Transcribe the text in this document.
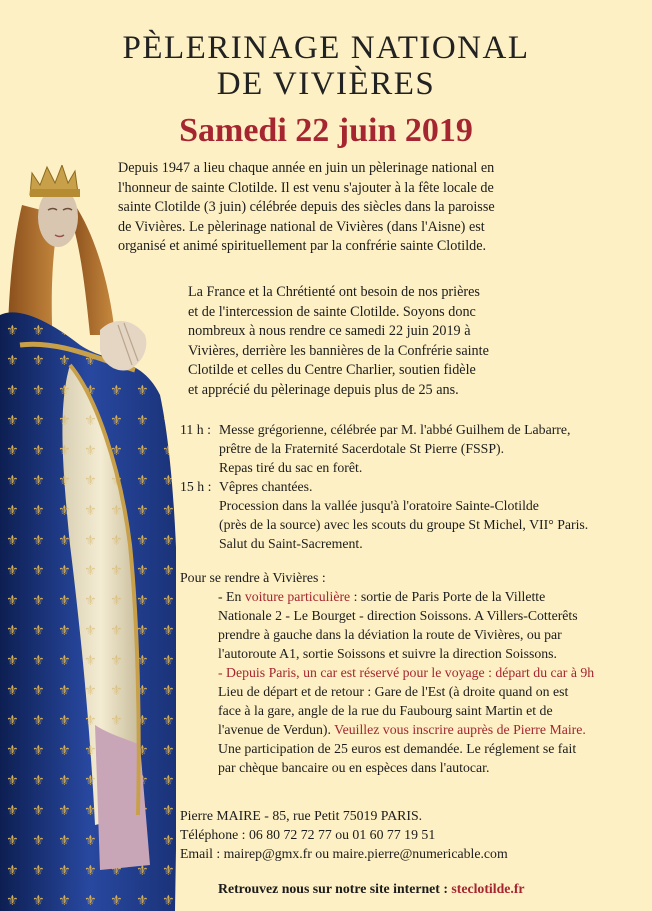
PÈLERINAGE NATIONAL
DE VIVIÈRES
Samedi 22 juin 2019
Depuis 1947 a lieu chaque année en juin un pèlerinage national en
l'honneur de sainte Clotilde. Il est venu s'ajouter à la fête locale de
sainte Clotilde (3 juin) célébrée depuis des siècles dans la paroisse
de Vivières. Le pèlerinage national de Vivières (dans l'Aisne) est
organisé et animé spirituellement par la confrérie sainte Clotilde.
La France et la Chrétienté ont besoin de nos prières
et de l'intercession de sainte Clotilde. Soyons donc
nombreux à nous rendre ce samedi 22 juin 2019 à
Vivières, derrière les bannières de la Confrérie sainte
Clotilde et celles du Centre Charlier, soutien fidèle
et apprécié du pèlerinage depuis plus de 25 ans.
11 h : Messe grégorienne, célébrée par M. l'abbé Guilhem de Labarre,
prêtre de la Fraternité Sacerdotale St Pierre (FSSP).
Repas tiré du sac en forêt.
15 h : Vêpres chantées.
Procession dans la vallée jusqu'à l'oratoire Sainte-Clotilde
(près de la source) avec les scouts du groupe St Michel, VII° Paris.
Salut du Saint-Sacrement.
Pour se rendre à Vivières :
- En voiture particulière : sortie de Paris Porte de la Villette
Nationale 2 - Le Bourget - direction Soissons. A Villers-Cotterêts
prendre à gauche dans la déviation la route de Vivières, ou par
l'autoroute A1, sortie Soissons et suivre la direction Soissons.
- Depuis Paris, un car est réservé pour le voyage : départ du car à 9h
Lieu de départ et de retour : Gare de l'Est (à droite quand on est
face à la gare, angle de la rue du Faubourg saint Martin et de
l'avenue de Verdun). Veuillez vous inscrire auprès de Pierre Maire.
Une participation de 25 euros est demandée. Le réglement se fait
par chèque bancaire ou en espèces dans l'autocar.
Pierre MAIRE - 85, rue Petit 75019 PARIS.
Téléphone : 06 80 72 72 77 ou 01 60 77 19 51
Email : mairep@gmx.fr ou maire.pierre@numericable.com
Retrouvez nous sur notre site internet : steclotilde.fr
